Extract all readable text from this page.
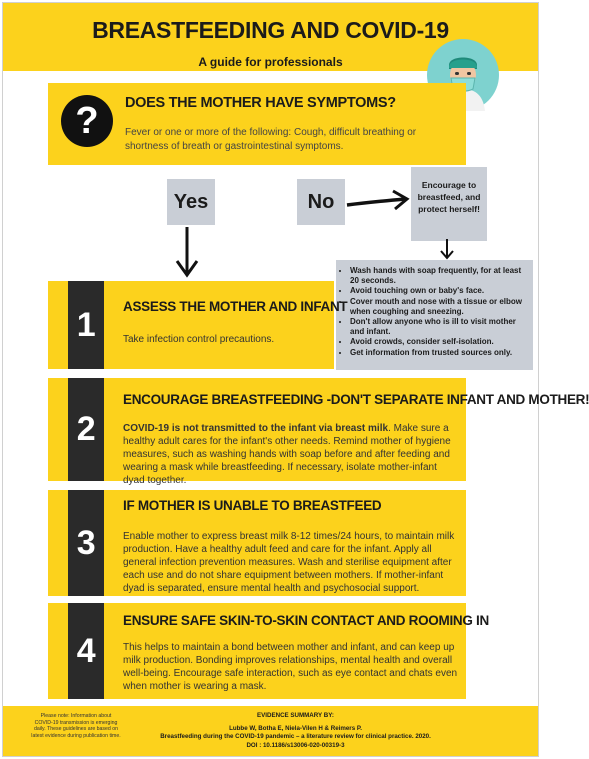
BREASTFEEDING AND COVID-19
A guide for professionals
?	DOES THE MOTHER HAVE SYMPTOMS?
Fever or one or more of the following: Cough, difficult breathing or shortness of breath or gastrointestinal symptoms.
Yes	No
Encourage to breastfeed, and protect herself!
• Wash hands with soap frequently, for at least 20 seconds.
• Avoid touching own or baby's face.
• Cover mouth and nose with a tissue or elbow when coughing and sneezing.
• Don't allow anyone who is ill to visit mother and infant.
• Avoid crowds, consider self-isolation.
• Get information from trusted sources only.
1	ASSESS THE MOTHER AND INFANT
Take infection control precautions.
2
ENCOURAGE BREASTFEEDING -DON'T SEPARATE INFANT AND MOTHER!
COVID-19 is not transmitted to the infant via breast milk. Make sure a healthy adult cares for the infant's other needs. Remind mother of hygiene measures, such as washing hands with soap before and after feeding and wearing a mask while breastfeeding. If necessary, isolate mother-infant dyad together.
3
IF MOTHER IS UNABLE TO BREASTFEED
Enable mother to express breast milk 8-12 times/24 hours, to maintain milk production. Have a healthy adult feed and care for the infant. Apply all general infection prevention measures. Wash and sterilise equipment after each use and do not share equipment between mothers. If mother-infant dyad is separated, ensure mental health and psychosocial support.
4
ENSURE SAFE SKIN-TO-SKIN CONTACT AND ROOMING IN
This helps to maintain a bond between mother and infant, and can keep up milk production. Bonding improves relationships, mental health and overall well-being. Encourage safe interaction, such as eye contact and chats even when mother is wearing a mask.
Please note: Information about COVID-19 transmission is emerging daily. These guidelines are based on latest evidence during publication time.
EVIDENCE SUMMARY BY:
Lubbe W, Botha E, Niela-Vilen H & Reimers P.
Breastfeeding during the COVID-19 pandemic – a literature review for clinical practice. 2020.
DOI : 10.1186/s13006-020-00319-3
